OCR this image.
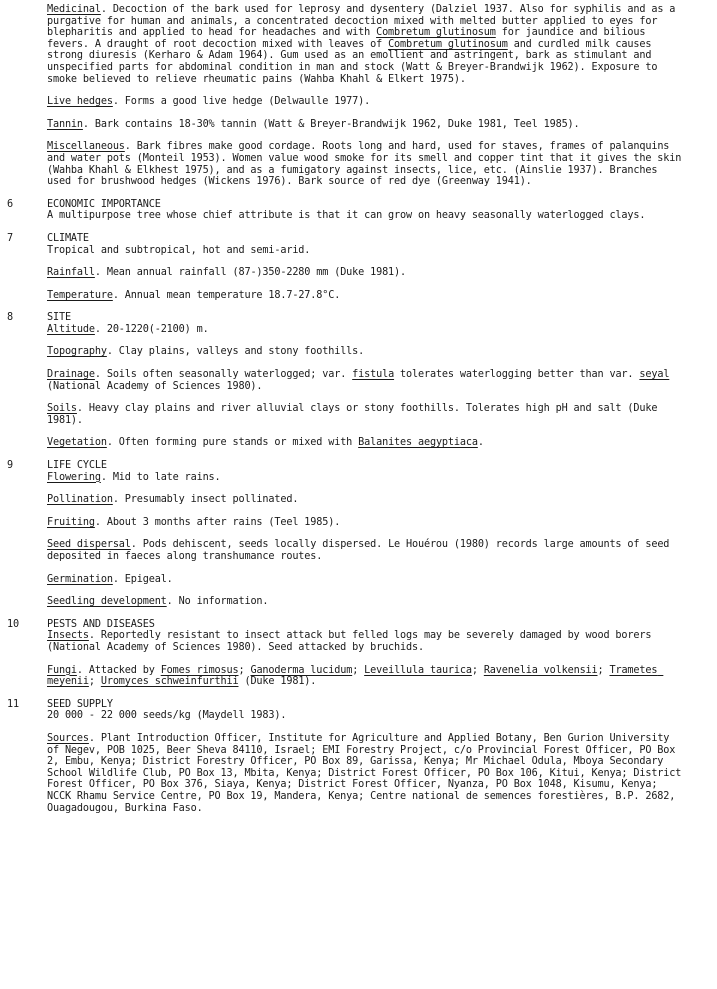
Medicinal. Decoction of the bark used for leprosy and dysentery (Dalziel 1937. Also for syphilis and as a purgative for human and animals, a concentrated decoction mixed with melted butter applied to eyes for blepharitis and applied to head for headaches and with Combretum glutinosum for jaundice and bilious fevers. A draught of root decoction mixed with leaves of Combretum glutinosum and curdled milk causes strong diuresis (Kerharo & Adam 1964). Gum used as an emollient and astringent, bark as stimulant and unspecified parts for abdominal condition in man and stock (Watt & Breyer-Brandwijk 1962). Exposure to smoke believed to relieve rheumatic pains (Wahba Khahl & Elkert 1975).

Live hedges. Forms a good live hedge (Delwaulle 1977).

Tannin. Bark contains 18-30% tannin (Watt & Breyer-Brandwijk 1962, Duke 1981, Teel 1985).

Miscellaneous. Bark fibres make good cordage. Roots long and hard, used for staves, frames of palanquins and water pots (Monteil 1953). Women value wood smoke for its smell and copper tint that it gives the skin (Wahba Khahl & Elkhest 1975), and as a fumigatory against insects, lice, etc. (Ainslie 1937). Branches used for brushwood hedges (Wickens 1976). Bark source of red dye (Greenway 1941).

6	ECONOMIC IMPORTANCE

A multipurpose tree whose chief attribute is that it can grow on heavy seasonally waterlogged clays.

7	CLIMATE

Tropical and subtropical, hot and semi-arid.

Rainfall. Mean annual rainfall (87-)350-2280 mm (Duke 1981).

Temperature. Annual mean temperature 18.7-27.8°C.

8	SITE

Altitude. 20-1220(-2100) m.

Topography. Clay plains, valleys and stony foothills.

Drainage. Soils often seasonally waterlogged; var. fistula tolerates waterlogging better than var. seyal (National Academy of Sciences 1980).

Soils. Heavy clay plains and river alluvial clays or stony foothills. Tolerates high pH and salt (Duke 1981).

Vegetation. Often forming pure stands or mixed with Balanites aegyptiaca.

9	LIFE CYCLE

Flowering. Mid to late rains.

Pollination. Presumably insect pollinated.

Fruiting. About 3 months after rains (Teel 1985).

Seed dispersal. Pods dehiscent, seeds locally dispersed. Le Houérou (1980) records large amounts of seed deposited in faeces along transhumance routes.

Germination. Epigeal.

Seedling development. No information.

10	PESTS AND DISEASES

Insects. Reportedly resistant to insect attack but felled logs may be severely damaged by wood borers (National Academy of Sciences 1980). Seed attacked by bruchids.

Fungi. Attacked by Fomes rimosus; Ganoderma lucidum; Leveillula taurica; Ravenelia volkensii; Trametes meyenii; Uromyces schweinfurthii (Duke 1981).

11	SEED SUPPLY

20 000 - 22 000 seeds/kg (Maydell 1983).

Sources. Plant Introduction Officer, Institute for Agriculture and Applied Botany, Ben Gurion University of Negev, POB 1025, Beer Sheva 84110, Israel; EMI Forestry Project, c/o Provincial Forest Officer, PO Box 2, Embu, Kenya; District Forestry Officer, PO Box 89, Garissa, Kenya; Mr Michael Odula, Mboya Secondary School Wildlife Club, PO Box 13, Mbita, Kenya; District Forest Officer, PO Box 106, Kitui, Kenya; District Forest Officer, PO Box 376, Siaya, Kenya; District Forest Officer, Nyanza, PO Box 1048, Kisumu, Kenya; NCCK Rhamu Service Centre, PO Box 19, Mandera, Kenya; Centre national de semences forestières, B.P. 2682, Ouagadougou, Burkina Faso.
